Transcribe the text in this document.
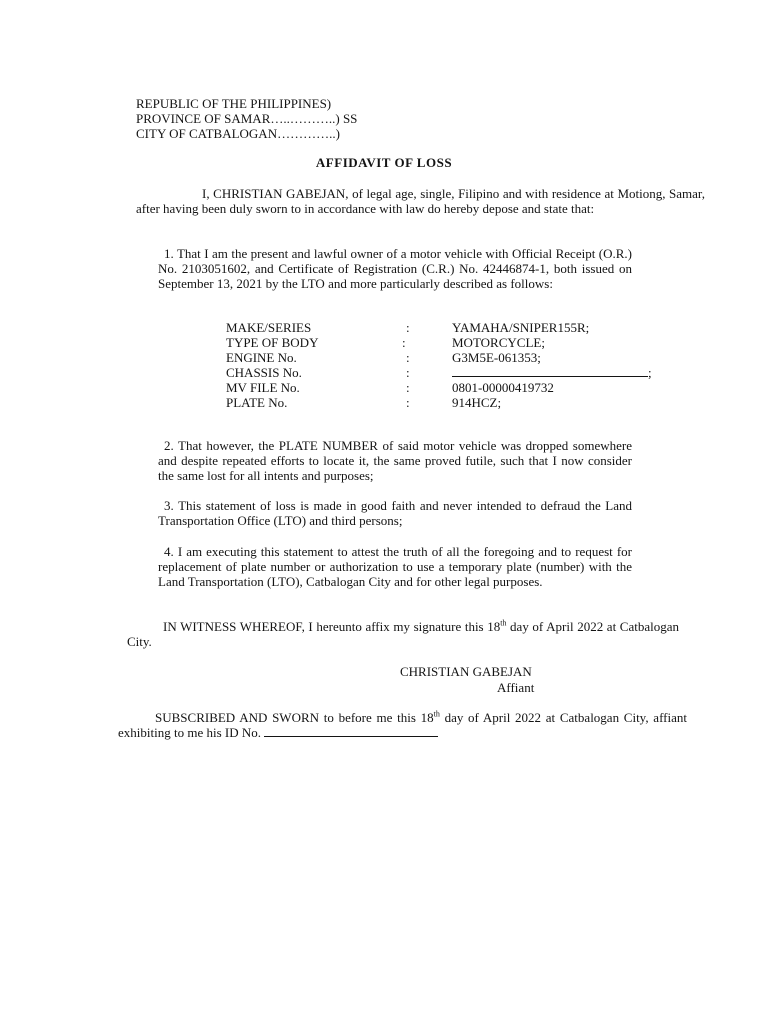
REPUBLIC OF THE PHILIPPINES)
PROVINCE OF SAMAR…..………..) SS
CITY OF CATBALOGAN…………..)
AFFIDAVIT OF LOSS
I, CHRISTIAN GABEJAN, of legal age, single, Filipino and with residence at Motiong, Samar, after having been duly sworn to in accordance with law do hereby depose and state that:
1. That I am the present and lawful owner of a motor vehicle with Official Receipt (O.R.) No. 2103051602, and Certificate of Registration (C.R.) No. 42446874-1, both issued on September 13, 2021 by the LTO and more particularly described as follows:
MAKE/SERIES	:	YAMAHA/SNIPER155R;
TYPE OF BODY	:	MOTORCYCLE;
ENGINE No.	:	G3M5E-061353;
CHASSIS No.	:	;
MV FILE No.	:	0801-00000419732
PLATE No.	:	914HCZ;
2. That however, the PLATE NUMBER of said motor vehicle was dropped somewhere and despite repeated efforts to locate it, the same proved futile, such that I now consider the same lost for all intents and purposes;
3. This statement of loss is made in good faith and never intended to defraud the Land Transportation Office (LTO) and third persons;
4. I am executing this statement to attest the truth of all the foregoing and to request for replacement of plate number or authorization to use a temporary plate (number) with the Land Transportation (LTO), Catbalogan City and for other legal purposes.
IN WITNESS WHEREOF, I hereunto affix my signature this 18th day of April 2022 at Catbalogan City.
CHRISTIAN GABEJAN
Affiant
SUBSCRIBED AND SWORN to before me this 18th day of April 2022 at Catbalogan City, affiant exhibiting to me his ID No.
